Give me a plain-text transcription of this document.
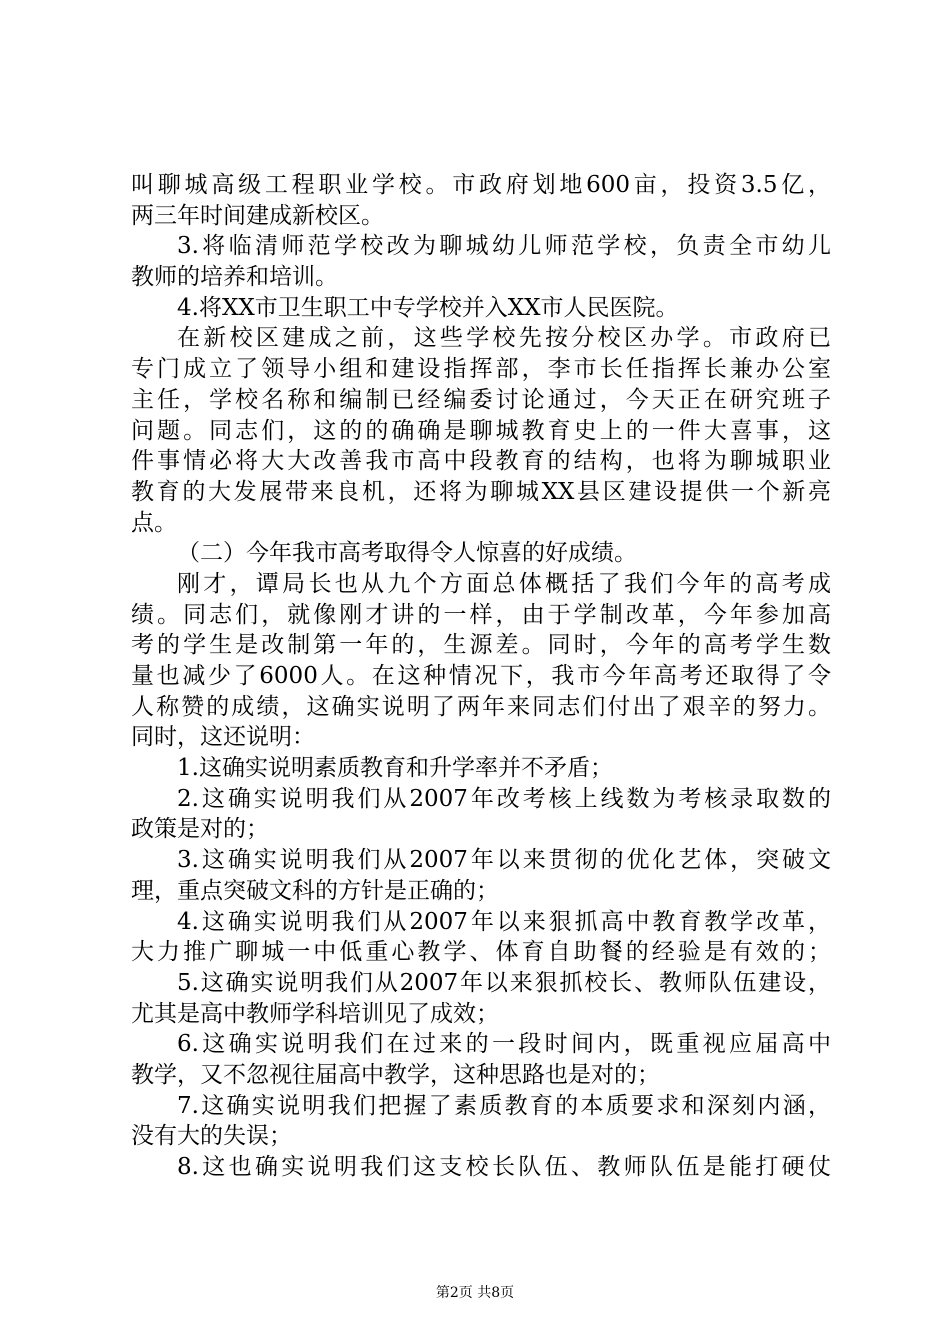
叫聊城高级工程职业学校。市政府划地600亩，投资3.5亿，
两三年时间建成新校区。
3.将临清师范学校改为聊城幼儿师范学校，负责全市幼儿
教师的培养和培训。
4.将XX市卫生职工中专学校并入XX市人民医院。
在新校区建成之前，这些学校先按分校区办学。市政府已
专门成立了领导小组和建设指挥部，李市长任指挥长兼办公室
主任，学校名称和编制已经编委讨论通过，今天正在研究班子
问题。同志们，这的的确确是聊城教育史上的一件大喜事，这
件事情必将大大改善我市高中段教育的结构，也将为聊城职业
教育的大发展带来良机，还将为聊城XX县区建设提供一个新亮
点。
（二）今年我市高考取得令人惊喜的好成绩。
刚才，谭局长也从九个方面总体概括了我们今年的高考成
绩。同志们，就像刚才讲的一样，由于学制改革，今年参加高
考的学生是改制第一年的，生源差。同时，今年的高考学生数
量也减少了6000人。在这种情况下，我市今年高考还取得了令
人称赞的成绩，这确实说明了两年来同志们付出了艰辛的努力。
同时，这还说明：
1.这确实说明素质教育和升学率并不矛盾；
2.这确实说明我们从2007年改考核上线数为考核录取数的
政策是对的；
3.这确实说明我们从2007年以来贯彻的优化艺体，突破文
理，重点突破文科的方针是正确的；
4.这确实说明我们从2007年以来狠抓高中教育教学改革，
大力推广聊城一中低重心教学、体育自助餐的经验是有效的；
5.这确实说明我们从2007年以来狠抓校长、教师队伍建设，
尤其是高中教师学科培训见了成效；
6.这确实说明我们在过来的一段时间内，既重视应届高中
教学，又不忽视往届高中教学，这种思路也是对的；
7.这确实说明我们把握了素质教育的本质要求和深刻内涵，
没有大的失误；
8.这也确实说明我们这支校长队伍、教师队伍是能打硬仗
第2页 共8页
